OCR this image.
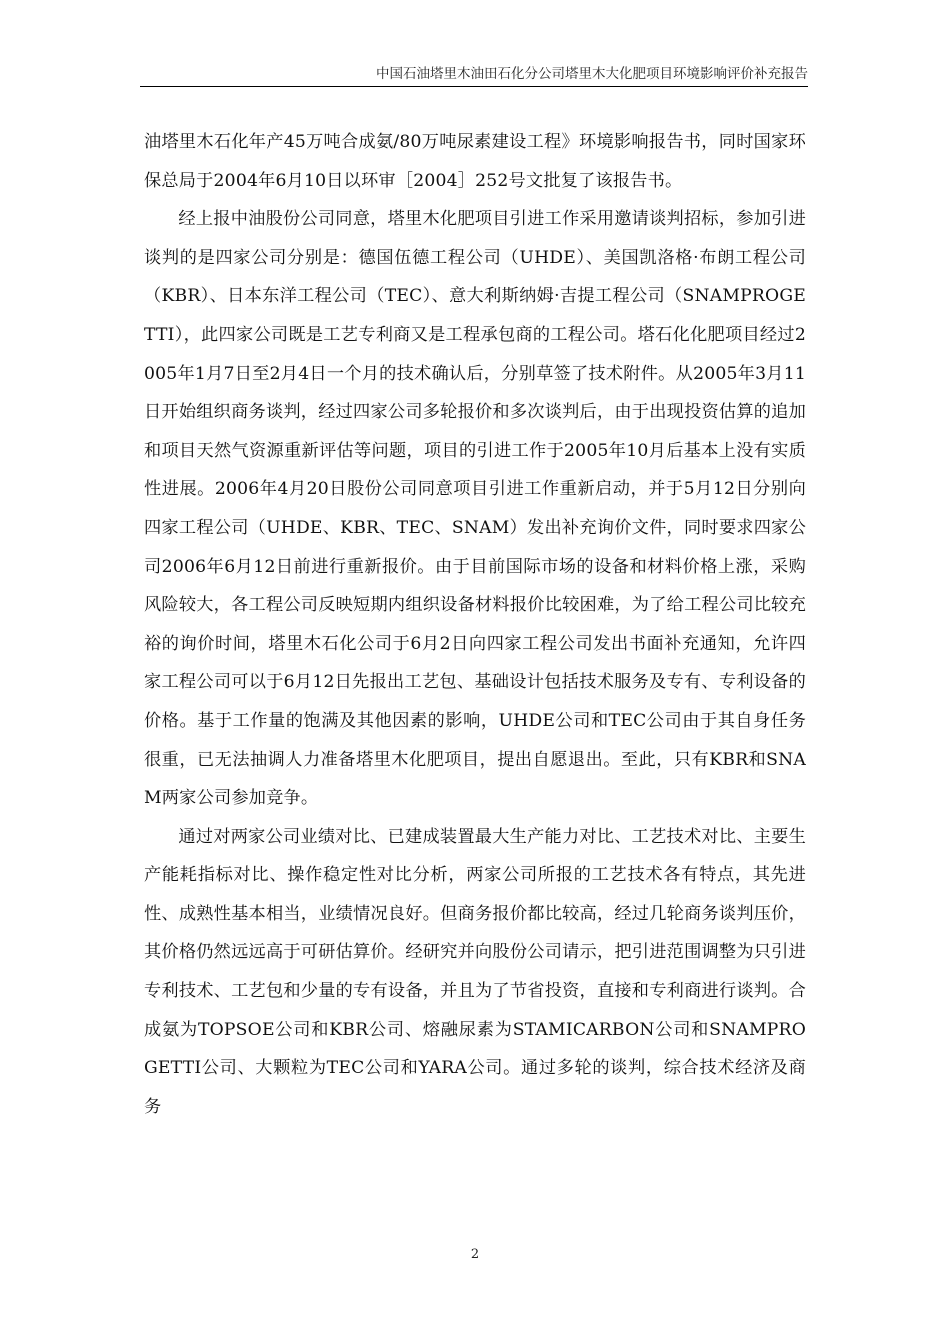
中国石油塔里木油田石化分公司塔里木大化肥项目环境影响评价补充报告

油塔里木石化年产45万吨合成氨/80万吨尿素建设工程》环境影响报告书，同时国家环保总局于2004年6月10日以环审［2004］252号文批复了该报告书。

经上报中油股份公司同意，塔里木化肥项目引进工作采用邀请谈判招标，参加引进谈判的是四家公司分别是：德国伍德工程公司（UHDE）、美国凯洛格·布朗工程公司（KBR）、日本东洋工程公司（TEC）、意大利斯纳姆·吉提工程公司（SNAMPROGETTI），此四家公司既是工艺专利商又是工程承包商的工程公司。塔石化化肥项目经过2005年1月7日至2月4日一个月的技术确认后，分别草签了技术附件。从2005年3月11日开始组织商务谈判，经过四家公司多轮报价和多次谈判后，由于出现投资估算的追加和项目天然气资源重新评估等问题，项目的引进工作于2005年10月后基本上没有实质性进展。2006年4月20日股份公司同意项目引进工作重新启动，并于5月12日分别向四家工程公司（UHDE、KBR、TEC、SNAM）发出补充询价文件，同时要求四家公司2006年6月12日前进行重新报价。由于目前国际市场的设备和材料价格上涨，采购风险较大，各工程公司反映短期内组织设备材料报价比较困难，为了给工程公司比较充裕的询价时间，塔里木石化公司于6月2日向四家工程公司发出书面补充通知，允许四家工程公司可以于6月12日先报出工艺包、基础设计包括技术服务及专有、专利设备的价格。基于工作量的饱满及其他因素的影响，UHDE公司和TEC公司由于其自身任务很重，已无法抽调人力准备塔里木化肥项目，提出自愿退出。至此，只有KBR和SNAM两家公司参加竞争。

通过对两家公司业绩对比、已建成装置最大生产能力对比、工艺技术对比、主要生产能耗指标对比、操作稳定性对比分析，两家公司所报的工艺技术各有特点，其先进性、成熟性基本相当，业绩情况良好。但商务报价都比较高，经过几轮商务谈判压价，其价格仍然远远高于可研估算价。经研究并向股份公司请示，把引进范围调整为只引进专利技术、工艺包和少量的专有设备，并且为了节省投资，直接和专利商进行谈判。合成氨为TOPSOE公司和KBR公司、熔融尿素为STAMICARBON公司和SNAMPROGETTI公司、大颗粒为TEC公司和YARA公司。通过多轮的谈判，综合技术经济及商务

2
